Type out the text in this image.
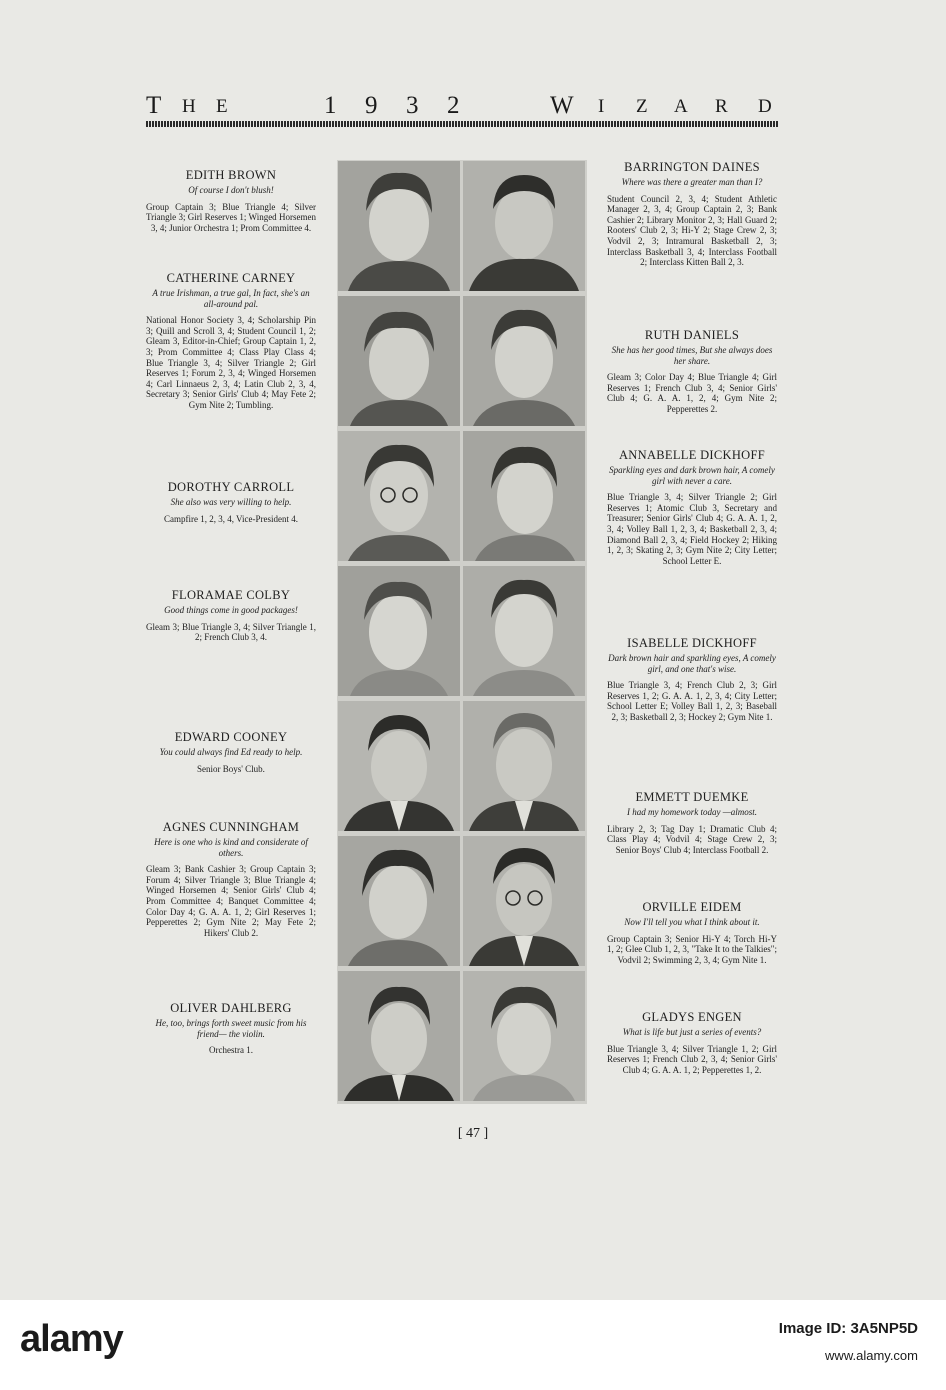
T H E	1 9 3 2	W I Z A R D
EDITH BROWN
Of course I don't blush!
Group Captain 3; Blue Triangle 4; Silver Triangle 3; Girl Reserves 1; Winged Horsemen 3, 4; Junior Orchestra 1; Prom Committee 4.
CATHERINE CARNEY
A true Irishman, a true gal, In fact, she's an all-around pal.
National Honor Society 3, 4; Scholarship Pin 3; Quill and Scroll 3, 4; Student Council 1, 2; Gleam 3, Editor-in-Chief; Group Captain 1, 2, 3; Prom Committee 4; Class Play Class 4; Blue Triangle 3, 4; Silver Triangle 2; Girl Reserves 1; Forum 2, 3, 4; Winged Horsemen 4; Carl Linnaeus 2, 3, 4; Latin Club 2, 3, 4, Secretary 3; Senior Girls' Club 4; May Fete 2; Gym Nite 2; Tumbling.
DOROTHY CARROLL
She also was very willing to help.
Campfire 1, 2, 3, 4, Vice-President 4.
FLORAMAE COLBY
Good things come in good packages!
Gleam 3; Blue Triangle 3, 4; Silver Triangle 1, 2; French Club 3, 4.
EDWARD COONEY
You could always find Ed ready to help.
Senior Boys' Club.
AGNES CUNNINGHAM
Here is one who is kind and considerate of others.
Gleam 3; Bank Cashier 3; Group Captain 3; Forum 4; Silver Triangle 3; Blue Triangle 4; Winged Horsemen 4; Senior Girls' Club 4; Prom Committee 4; Banquet Committee 4; Color Day 4; G. A. A. 1, 2; Girl Reserves 1; Pepperettes 2; Gym Nite 2; May Fete 2; Hikers' Club 2.
OLIVER DAHLBERG
He, too, brings forth sweet music from his friend— the violin.
Orchestra 1.
BARRINGTON DAINES
Where was there a greater man than I?
Student Council 2, 3, 4; Student Athletic Manager 2, 3, 4; Group Captain 2, 3; Bank Cashier 2; Library Monitor 2, 3; Hall Guard 2; Rooters' Club 2, 3; Hi-Y 2; Stage Crew 2, 3; Vodvil 2, 3; Intramural Basketball 2, 3; Interclass Basketball 3, 4; Interclass Football 2; Interclass Kitten Ball 2, 3.
RUTH DANIELS
She has her good times, But she always does her share.
Gleam 3; Color Day 4; Blue Triangle 4; Girl Reserves 1; French Club 3, 4; Senior Girls' Club 4; G. A. A. 1, 2, 4; Gym Nite 2; Pepperettes 2.
ANNABELLE DICKHOFF
Sparkling eyes and dark brown hair, A comely girl with never a care.
Blue Triangle 3, 4; Silver Triangle 2; Girl Reserves 1; Atomic Club 3, Secretary and Treasurer; Senior Girls' Club 4; G. A. A. 1, 2, 3, 4; Volley Ball 1, 2, 3, 4; Basketball 2, 3, 4; Diamond Ball 2, 3, 4; Field Hockey 2; Hiking 1, 2, 3; Skating 2, 3; Gym Nite 2; City Letter; School Letter E.
ISABELLE DICKHOFF
Dark brown hair and sparkling eyes, A comely girl, and one that's wise.
Blue Triangle 3, 4; French Club 2, 3; Girl Reserves 1, 2; G. A. A. 1, 2, 3, 4; City Letter; School Letter E; Volley Ball 1, 2, 3; Baseball 2, 3; Basketball 2, 3; Hockey 2; Gym Nite 1.
EMMETT DUEMKE
I had my homework today —almost.
Library 2, 3; Tag Day 1; Dramatic Club 4; Class Play 4; Vodvil 4; Stage Crew 2, 3; Senior Boys' Club 4; Interclass Football 2.
ORVILLE EIDEM
Now I'll tell you what I think about it.
Group Captain 3; Senior Hi-Y 4; Torch Hi-Y 1, 2; Glee Club 1, 2, 3, "Take It to the Talkies"; Vodvil 2; Swimming 2, 3, 4; Gym Nite 1.
GLADYS ENGEN
What is life but just a series of events?
Blue Triangle 3, 4; Silver Triangle 1, 2; Girl Reserves 1; French Club 2, 3, 4; Senior Girls' Club 4; G. A. A. 1, 2; Pepperettes 1, 2.
[ 47 ]
alamy	Image ID: 3A5NP5D
www.alamy.com
